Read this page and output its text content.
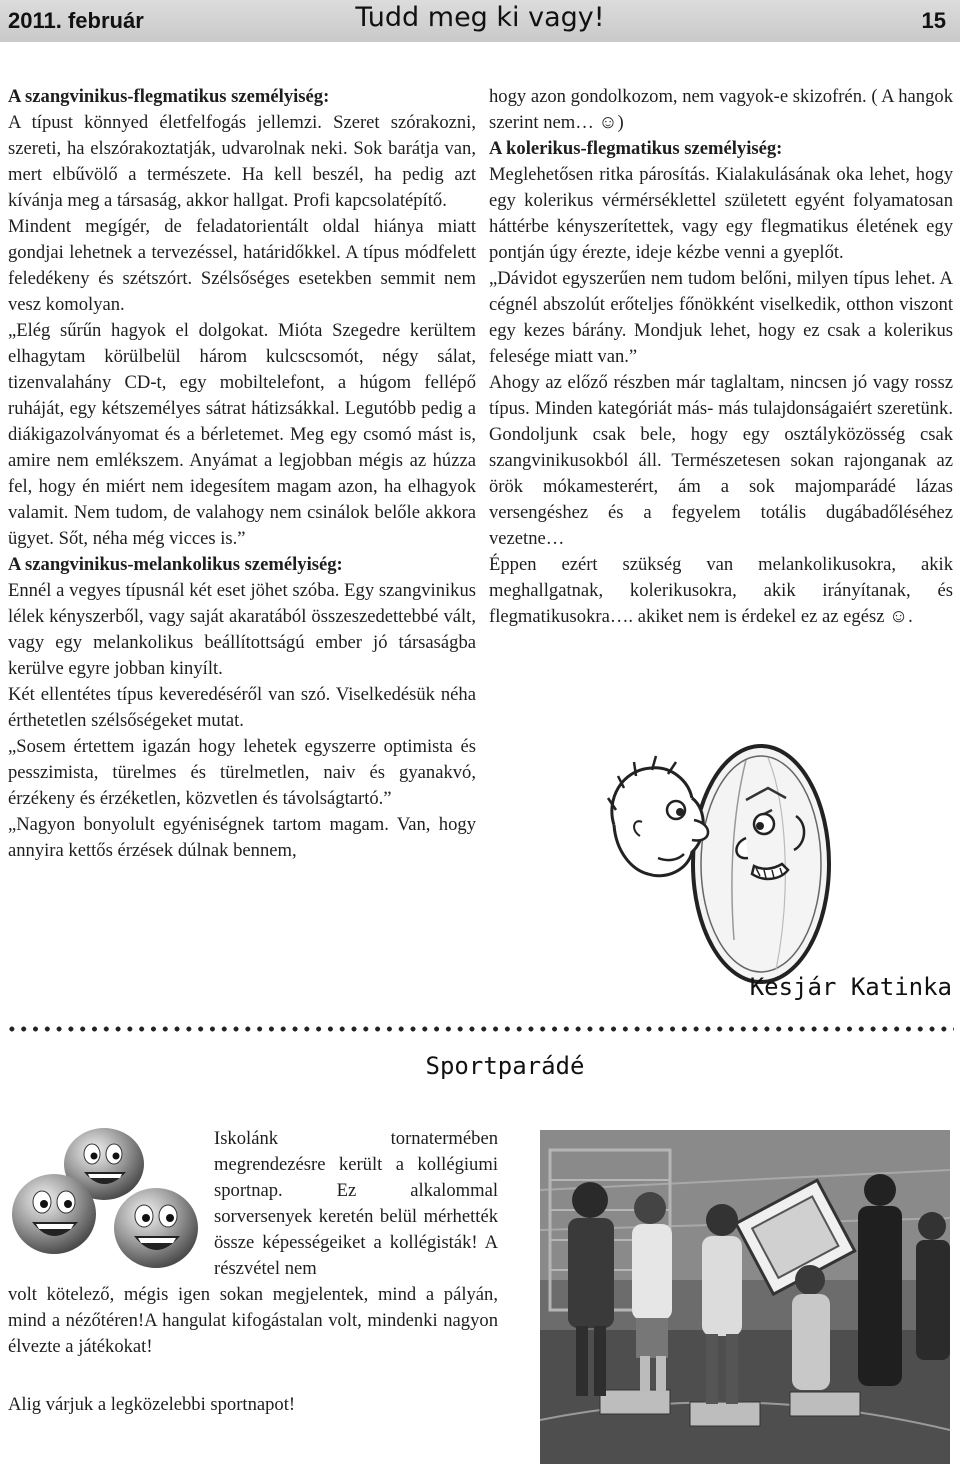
2011. február	Tudd meg ki vagy!	15

A szangvinikus-flegmatikus személyiség:

A típust könnyed életfelfogás jellemzi. Szeret szórakozni, szereti, ha elszórakoztatják, udvarolnak neki. Sok barátja van, mert elbűvölő a természete. Ha kell beszél, ha pedig azt kívánja meg a társaság, akkor hallgat. Profi kapcsolatépítő.

Mindent megígér, de feladatorientált oldal hiánya miatt gondjai lehetnek a tervezéssel, határidőkkel. A típus módfelett feledékeny és szétszórt. Szélsőséges esetekben semmit nem vesz komolyan.

„Elég sűrűn hagyok el dolgokat. Mióta Szegedre kerültem elhagytam körülbelül három kulcscsomót, négy sálat, tizenvalahány CD-t, egy mobiltelefont, a húgom fellépő ruháját, egy kétszemélyes sátrat hátizsákkal. Legutóbb pedig a diákigazolványomat és a bérletemet. Meg egy csomó mást is, amire nem emlékszem. Anyámat a legjobban mégis az húzza fel, hogy én miért nem idegesítem magam azon, ha elhagyok valamit. Nem tudom, de valahogy nem csinálok belőle akkora ügyet. Sőt, néha még vicces is.”

A szangvinikus-melankolikus személyiség:

Ennél a vegyes típusnál két eset jöhet szóba. Egy szangvinikus lélek kényszerből, vagy saját akaratából összeszedettebbé vált, vagy egy melankolikus beállítottságú ember jó társaságba kerülve egyre jobban kinyílt.

Két ellentétes típus keveredéséről van szó. Viselkedésük néha érthetetlen szélsőségeket mutat.

„Sosem értettem igazán hogy lehetek egyszerre optimista és pesszimista, türelmes és türelmetlen, naiv és gyanakvó, érzékeny és érzéketlen, közvetlen és távolságtartó.”

„Nagyon bonyolult egyéniségnek tartom magam. Van, hogy annyira kettős érzések dúlnak bennem,

hogy azon gondolkozom, nem vagyok-e skizofrén. ( A hangok szerint nem… ☺)

A kolerikus-flegmatikus személyiség:

Meglehetősen ritka párosítás. Kialakulásának oka lehet, hogy egy kolerikus vérmérséklettel született egyént folyamatosan háttérbe kényszerítettek, vagy egy flegmatikus életének egy pontján úgy érezte, ideje kézbe venni a gyeplőt.

„Dávidot egyszerűen nem tudom belőni, milyen típus lehet. A cégnél abszolút erőteljes főnökként viselkedik, otthon viszont egy kezes bárány. Mondjuk lehet, hogy ez csak a kolerikus felesége miatt van.”

Ahogy az előző részben már taglaltam, nincsen jó vagy rossz típus. Minden kategóriát más- más tulajdonságaiért szeretünk. Gondoljunk csak bele, hogy egy osztályközösség csak szangvinikusokból áll. Természetesen sokan rajonganak az örök mókamesterért, ám a sok majomparádé lázas versengéshez és a fegyelem totális dugábadőléséhez vezetne…

Éppen ezért szükség van melankolikusokra, akik meghallgatnak, kolerikusokra, akik irányítanak, és flegmatikusokra…. akiket nem is érdekel ez az egész ☺.

Kesjár Katinka
Sportparádé

Iskolánk tornatermében megrendezésre került a kollégiumi sportnap. Ez alkalommal sorversenyek keretén belül mérhették össze képességeiket a kollégisták! A részvétel nem

volt kötelező, mégis igen sokan megjelentek, mind a pályán, mind a nézőtéren!A hangulat kifogástalan volt, mindenki nagyon élvezte a játékokat!

Alig várjuk a legközelebbi sportnapot!
